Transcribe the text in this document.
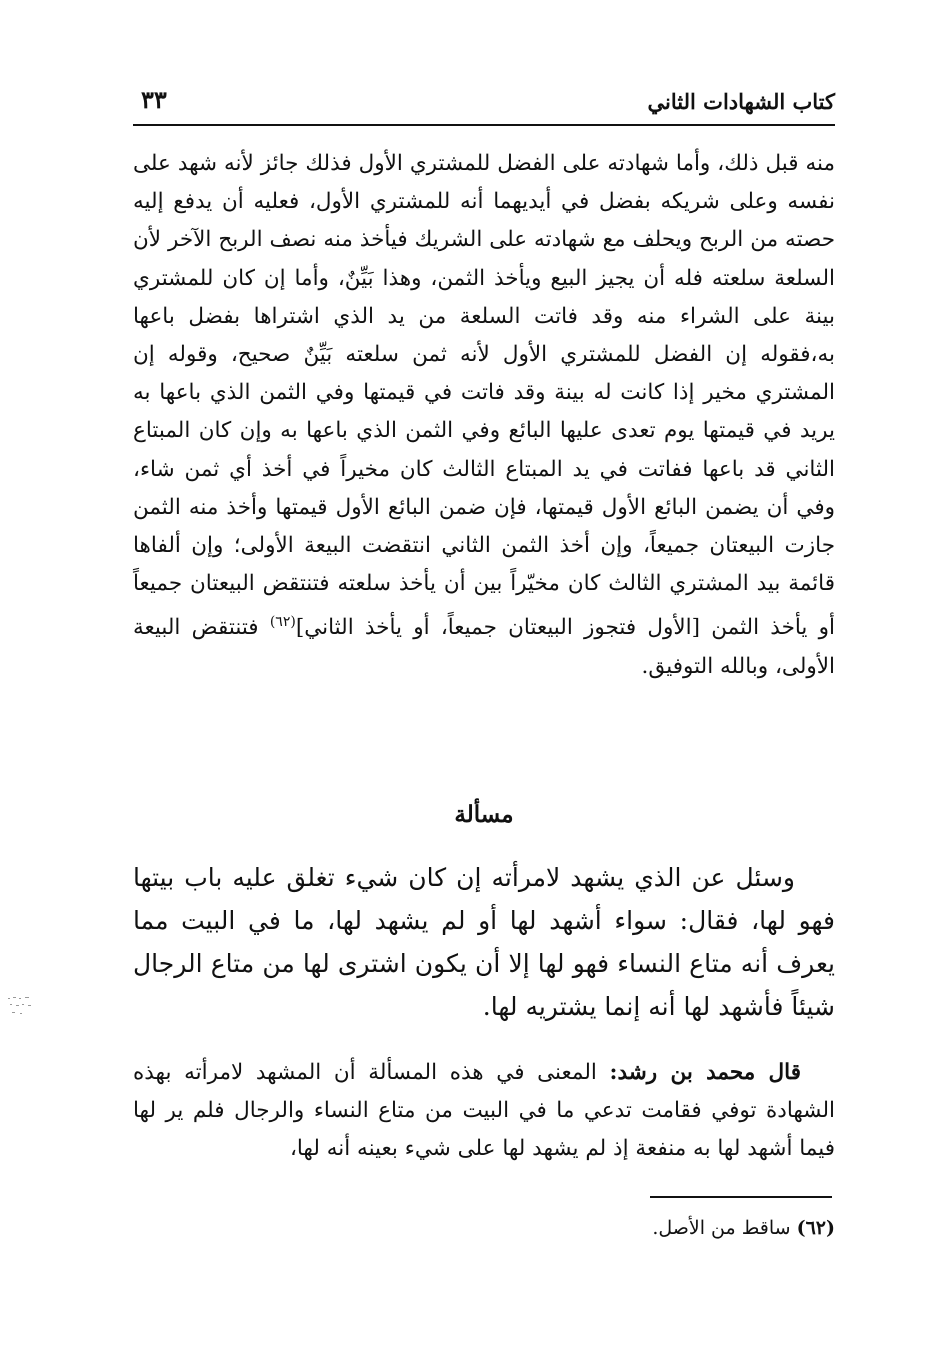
كتاب الشهادات الثاني
٣٣
منه قبل ذلك، وأما شهادته على الفضل للمشتري الأول فذلك جائز لأنه شهد على نفسه وعلى شريكه بفضل في أيديهما أنه للمشتري الأول، فعليه أن يدفع إليه حصته من الربح ويحلف مع شهادته على الشريك فيأخذ منه نصف الربح الآخر لأن السلعة سلعته فله أن يجيز البيع ويأخذ الثمن، وهذا بَيِّنٌ، وأما إن كان للمشتري بينة على الشراء منه وقد فاتت السلعة من يد الذي اشتراها بفضل باعها به،فقوله إن الفضل للمشتري الأول لأنه ثمن سلعته بَيِّنٌ صحيح، وقوله إن المشتري مخير إذا كانت له بينة وقد فاتت في قيمتها وفي الثمن الذي باعها به يريد في قيمتها يوم تعدى عليها البائع وفي الثمن الذي باعها به وإن كان المبتاع الثاني قد باعها ففاتت في يد المبتاع الثالث كان مخيراً في أخذ أي ثمن شاء، وفي أن يضمن البائع الأول قيمتها، فإن ضمن البائع الأول قيمتها وأخذ منه الثمن جازت البيعتان جميعاً، وإن أخذ الثمن الثاني انتقضت البيعة الأولى؛ وإن ألفاها قائمة بيد المشتري الثالث كان مخيّراً بين أن يأخذ سلعته فتنتقض البيعتان جميعاً أو يأخذ الثمن [الأول فتجوز البيعتان جميعاً، أو يأخذ الثاني]$^{(٦٢)}$ فتنتقض البيعة الأولى، وبالله التوفيق.
مسألة
وسئل عن الذي يشهد لامرأته إن كان شيء تغلق عليه باب بيتها فهو لها، فقال: سواء أشهد لها أو لم يشهد لها، ما في البيت مما يعرف أنه متاع النساء فهو لها إلا أن يكون اشترى لها من متاع الرجال شيئاً فأشهد لها أنه إنما يشتريه لها.
قال محمد بن رشد: المعنى في هذه المسألة أن المشهد لامرأته بهذه الشهادة توفي فقامت تدعي ما في البيت من متاع النساء والرجال فلم ير لها فيما أشهد لها به منفعة إذ لم يشهد لها على شيء بعينه أنه لها،
(٦٢) ساقط من الأصل.
